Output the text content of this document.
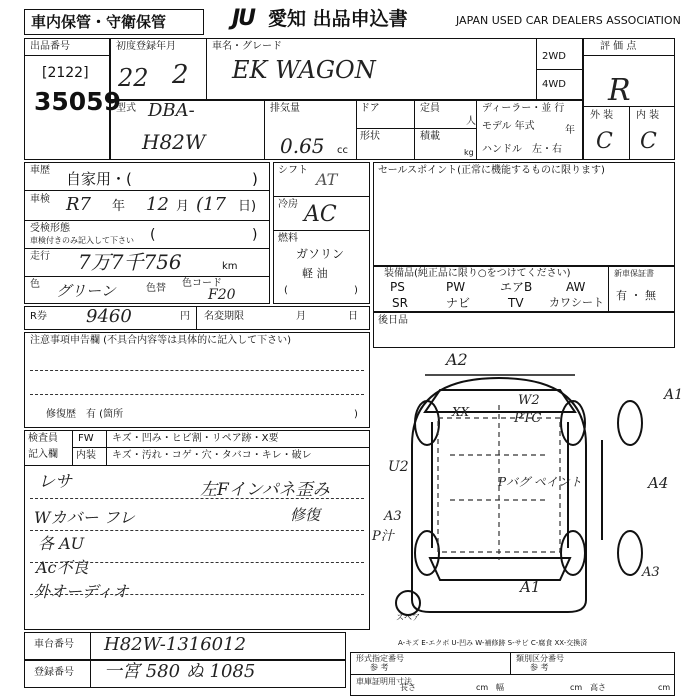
車内保管・守衛保管	JU 愛知 出品申込書	JAPAN USED CAR DEALERS ASSOCIATION
出品番号
[2122]
35059
初度登録年月
22 2
車名・グレード
EK WAGON	2WD
4WD
評 価 点
R
外 装 内 装
C C
型式 DBA-
H82W
排気量
0.65 cc
ドア
形状
定員
人
積載
kg
ディーラー・並 行
モデル 年式	年
ハンドル　左・右
車歴 自家用・(	)
車検 R7 年 12 月 (17 日)
受検形態
車検付きのみ記入して下さい (	)
走行 7万7千756	km
色 グリーン	色替 色コード
F20
シフト AT
冷房 AC
燃料
ガソリン
軽 油
(	)
セールスポイント(正常に機能するものに限ります)
装備品(純正品に限り○をつけてください)
PS	PW	エアB	AW
SR	ナビ	TV カワシート
新車保証書
有 ・ 無
R券 9460	円 名変期限	月	日 後日品
注意事項申告欄 (不具合内容等は具体的に記入して下さい)
修復歴　有 (箇所	)
検査員
記入欄
FW キズ・凹み・ヒビ割・リペア跡・X要
内装 キズ・汚れ・コゲ・穴・タバコ・キレ・破レ
レサ
Wカバー フレ
各 AU
Ac不良
外オーディオ
左Fインパネ歪み
修復
A2
XX
W2
PTC
A1
U2
Pバグ ペイント	A4
A3
P汁
A1
A3
スペア
A-キズ E-エクボ U-凹み W-補修跡 S-サビ C-腐食 XX-交換済
車台番号 H82W-1316012
登録番号 一宮 580 ぬ 1085
形式指定番号
参 考
類別区分番号
参 考
車庫証明用寸法
長さ	cm 幅	cm 高さ	cm
